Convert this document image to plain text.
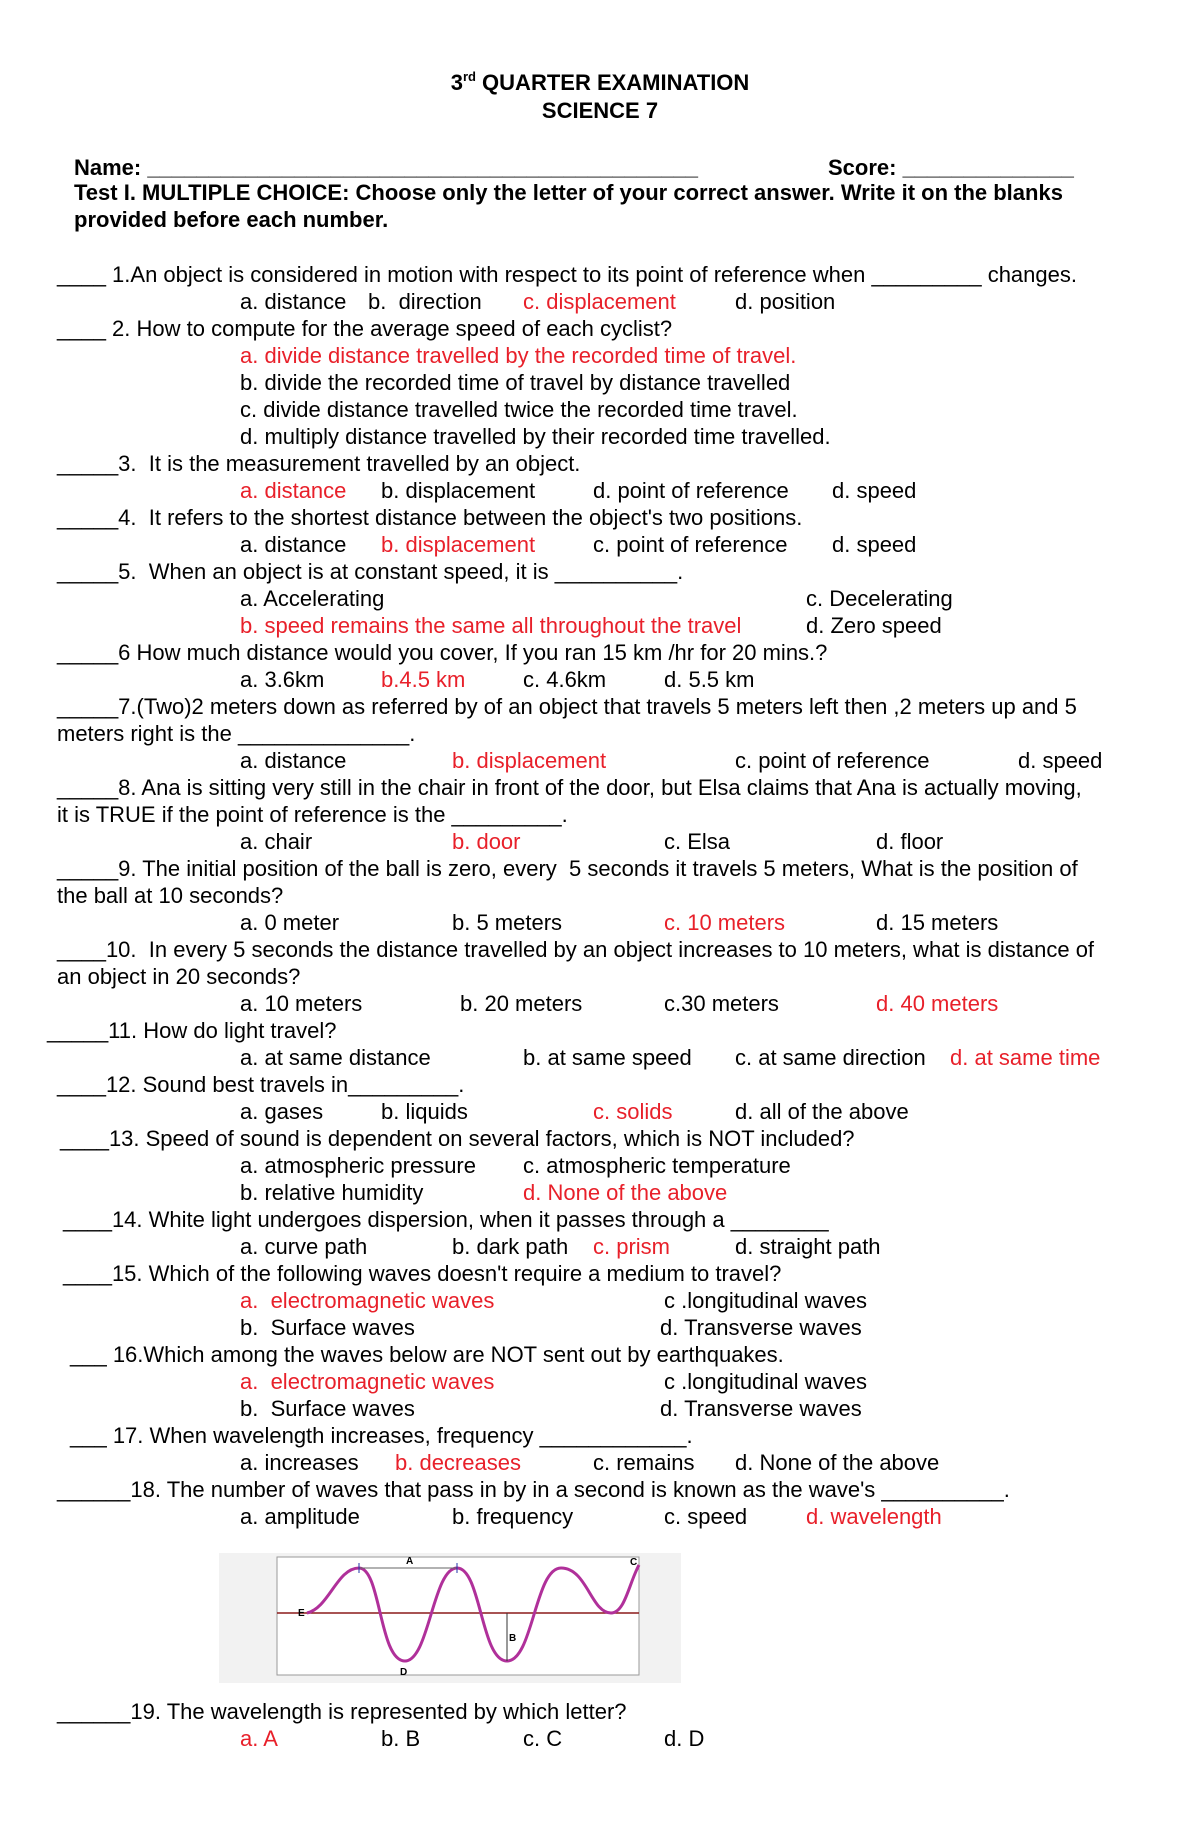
3rd QUARTER EXAMINATION
SCIENCE 7
Name: _____________________________________________	Score: ______________
Test I. MULTIPLE CHOICE: Choose only the letter of your correct answer. Write it on the blanks
provided before each number.
____ 1.An object is considered in motion with respect to its point of reference when _________ changes.
a. distance b.  direction c. displacement	d. position
____ 2. How to compute for the average speed of each cyclist?
a. divide distance travelled by the recorded time of travel.
b. divide the recorded time of travel by distance travelled
c. divide distance travelled twice the recorded time travel.
d. multiply distance travelled by their recorded time travelled.
_____3.  It is the measurement travelled by an object.
a. distance b. displacement	d. point of reference d. speed
_____4.  It refers to the shortest distance between the object's two positions.
a. distance b. displacement	c. point of reference d. speed
_____5.  When an object is at constant speed, it is __________.
a. Accelerating	c. Decelerating
b. speed remains the same all throughout the travel	d. Zero speed
_____6 How much distance would you cover, If you ran 15 km /hr for 20 mins.?
a. 3.6km	b.4.5 km	c. 4.6km	d. 5.5 km
_____7.(Two)2 meters down as referred by of an object that travels 5 meters left then ,2 meters up and 5
meters right is the ______________.
a. distance	b. displacement	c. point of reference	d. speed
_____8. Ana is sitting very still in the chair in front of the door, but Elsa claims that Ana is actually moving,
it is TRUE if the point of reference is the _________.
a. chair	b. door	c. Elsa	d. floor
_____9. The initial position of the ball is zero, every  5 seconds it travels 5 meters, What is the position of
the ball at 10 seconds?
a. 0 meter	b. 5 meters	c. 10 meters	d. 15 meters
____10.  In every 5 seconds the distance travelled by an object increases to 10 meters, what is distance of
an object in 20 seconds?
a. 10 meters	b. 20 meters	c.30 meters	d. 40 meters
_____11. How do light travel?
a. at same distance	b. at same speed c. at same direction d. at same time
____12. Sound best travels in_________.
a. gases	b. liquids	c. solids	d. all of the above
____13. Speed of sound is dependent on several factors, which is NOT included?
a. atmospheric pressure c. atmospheric temperature
b. relative humidity	d. None of the above
____14. White light undergoes dispersion, when it passes through a ________
a. curve path	b. dark path c. prism	d. straight path
____15. Which of the following waves doesn't require a medium to travel?
a.  electromagnetic waves	c .longitudinal waves
b.  Surface waves	d. Transverse waves
___ 16.Which among the waves below are NOT sent out by earthquakes.
a.  electromagnetic waves	c .longitudinal waves
b.  Surface waves	d. Transverse waves
___ 17. When wavelength increases, frequency ____________.
a. increases b. decreases	c. remains d. None of the above
______18. The number of waves that pass in by in a second is known as the wave's __________.
a. amplitude	b. frequency	c. speed	d. wavelength
A
B
C
D
E
______19. The wavelength is represented by which letter?
a. A	b. B	c. C	d. D
